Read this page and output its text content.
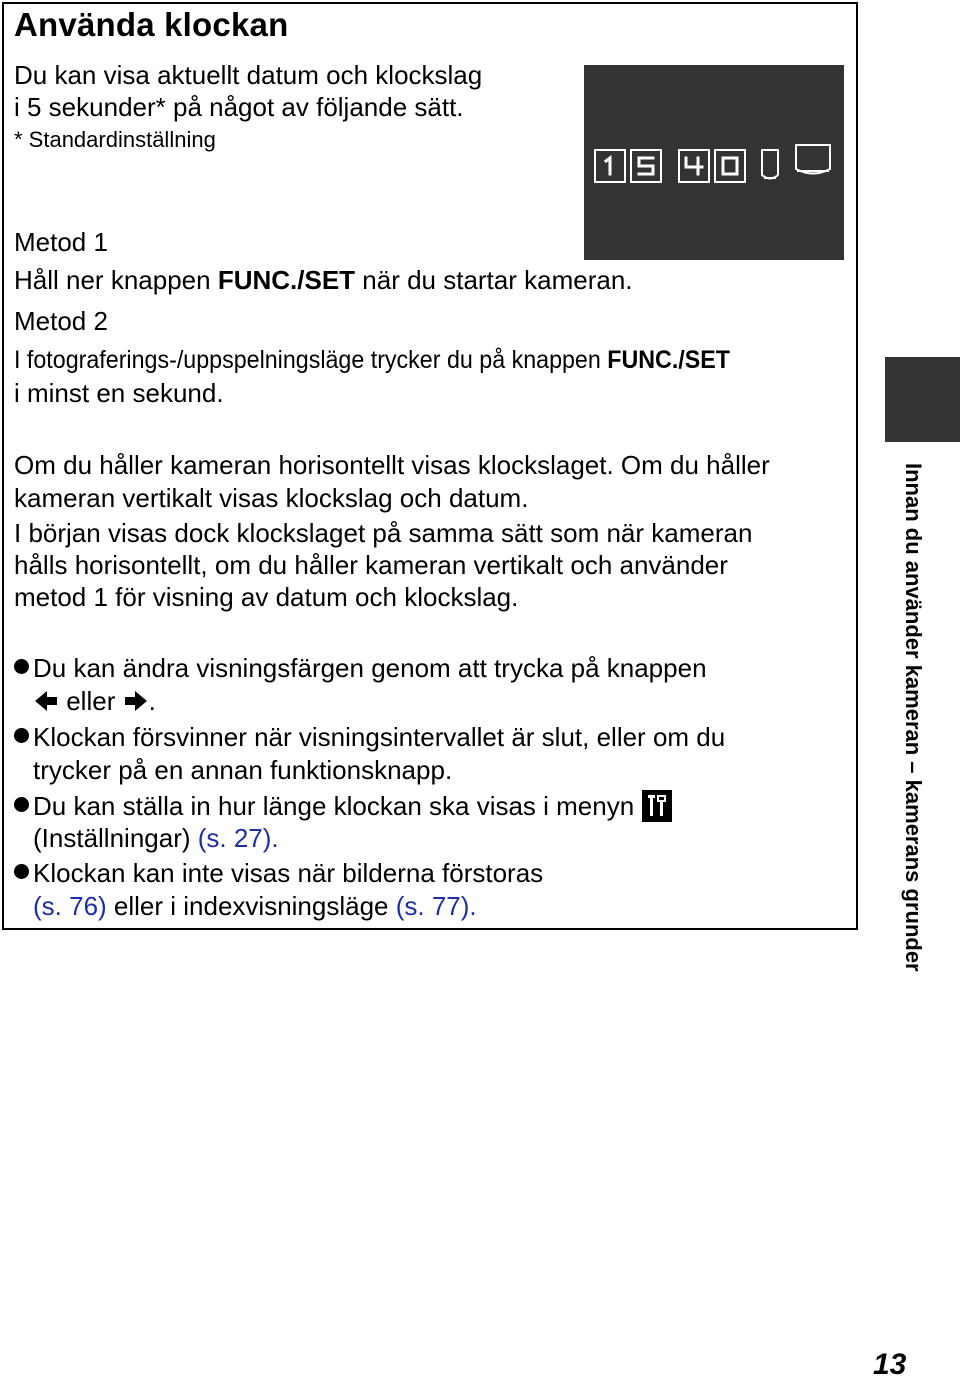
Använda klockan

Du kan visa aktuellt datum och klockslag

i 5 sekunder* på något av följande sätt.

* Standardinställning

Metod 1

Håll ner knappen FUNC./SET när du startar kameran.

Metod 2

I fotograferings-/uppspelningsläge trycker du på knappen FUNC./SET

i minst en sekund.

Om du håller kameran horisontellt visas klockslaget. Om du håller

kameran vertikalt visas klockslag och datum.

I början visas dock klockslaget på samma sätt som när kameran

hålls horisontellt, om du håller kameran vertikalt och använder

metod 1 för visning av datum och klockslag.

Du kan ändra visningsfärgen genom att trycka på knappen

eller .

Klockan försvinner när visningsintervallet är slut, eller om du

trycker på en annan funktionsknapp.

Du kan ställa in hur länge klockan ska visas i menyn

(Inställningar) (s. 27).

Klockan kan inte visas när bilderna förstoras

(s. 76) eller i indexvisningsläge (s. 77).	Innan du använder kameran – kamerans grunder
13
